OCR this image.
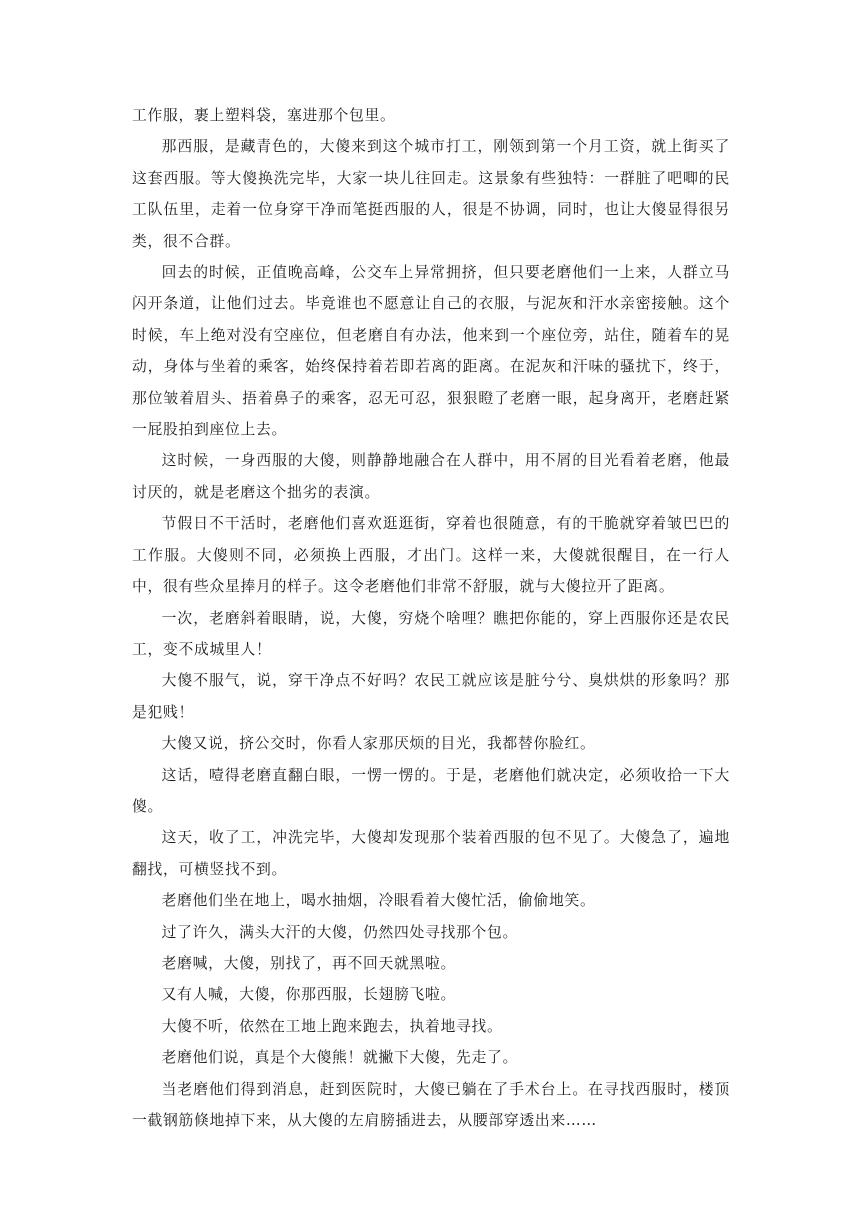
工作服，裹上塑料袋，塞进那个包里。

那西服，是藏青色的，大傻来到这个城市打工，刚领到第一个月工资，就上街买了这套西服。等大傻换洗完毕，大家一块儿往回走。这景象有些独特：一群脏了吧唧的民工队伍里，走着一位身穿干净而笔挺西服的人，很是不协调，同时，也让大傻显得很另类，很不合群。

回去的时候，正值晚高峰，公交车上异常拥挤，但只要老磨他们一上来，人群立马闪开条道，让他们过去。毕竟谁也不愿意让自己的衣服，与泥灰和汗水亲密接触。这个时候，车上绝对没有空座位，但老磨自有办法，他来到一个座位旁，站住，随着车的晃动，身体与坐着的乘客，始终保持着若即若离的距离。在泥灰和汗味的骚扰下，终于，那位皱着眉头、捂着鼻子的乘客，忍无可忍，狠狠瞪了老磨一眼，起身离开，老磨赶紧一屁股拍到座位上去。

这时候，一身西服的大傻，则静静地融合在人群中，用不屑的目光看着老磨，他最讨厌的，就是老磨这个拙劣的表演。

节假日不干活时，老磨他们喜欢逛逛街，穿着也很随意，有的干脆就穿着皱巴巴的工作服。大傻则不同，必须换上西服，才出门。这样一来，大傻就很醒目，在一行人中，很有些众星捧月的样子。这令老磨他们非常不舒服，就与大傻拉开了距离。

一次，老磨斜着眼睛，说，大傻，穷烧个啥哩？瞧把你能的，穿上西服你还是农民工，变不成城里人！

大傻不服气，说，穿干净点不好吗？农民工就应该是脏兮兮、臭烘烘的形象吗？那是犯贱！

大傻又说，挤公交时，你看人家那厌烦的目光，我都替你脸红。

这话，噎得老磨直翻白眼，一愣一愣的。于是，老磨他们就决定，必须收拾一下大傻。

这天，收了工，冲洗完毕，大傻却发现那个装着西服的包不见了。大傻急了，遍地翻找，可横竖找不到。

老磨他们坐在地上，喝水抽烟，冷眼看着大傻忙活，偷偷地笑。

过了许久，满头大汗的大傻，仍然四处寻找那个包。

老磨喊，大傻，别找了，再不回天就黑啦。

又有人喊，大傻，你那西服，长翅膀飞啦。

大傻不听，依然在工地上跑来跑去，执着地寻找。

老磨他们说，真是个大傻熊！就撇下大傻，先走了。

当老磨他们得到消息，赶到医院时，大傻已躺在了手术台上。在寻找西服时，楼顶一截钢筋倏地掉下来，从大傻的左肩膀插进去，从腰部穿透出来……
